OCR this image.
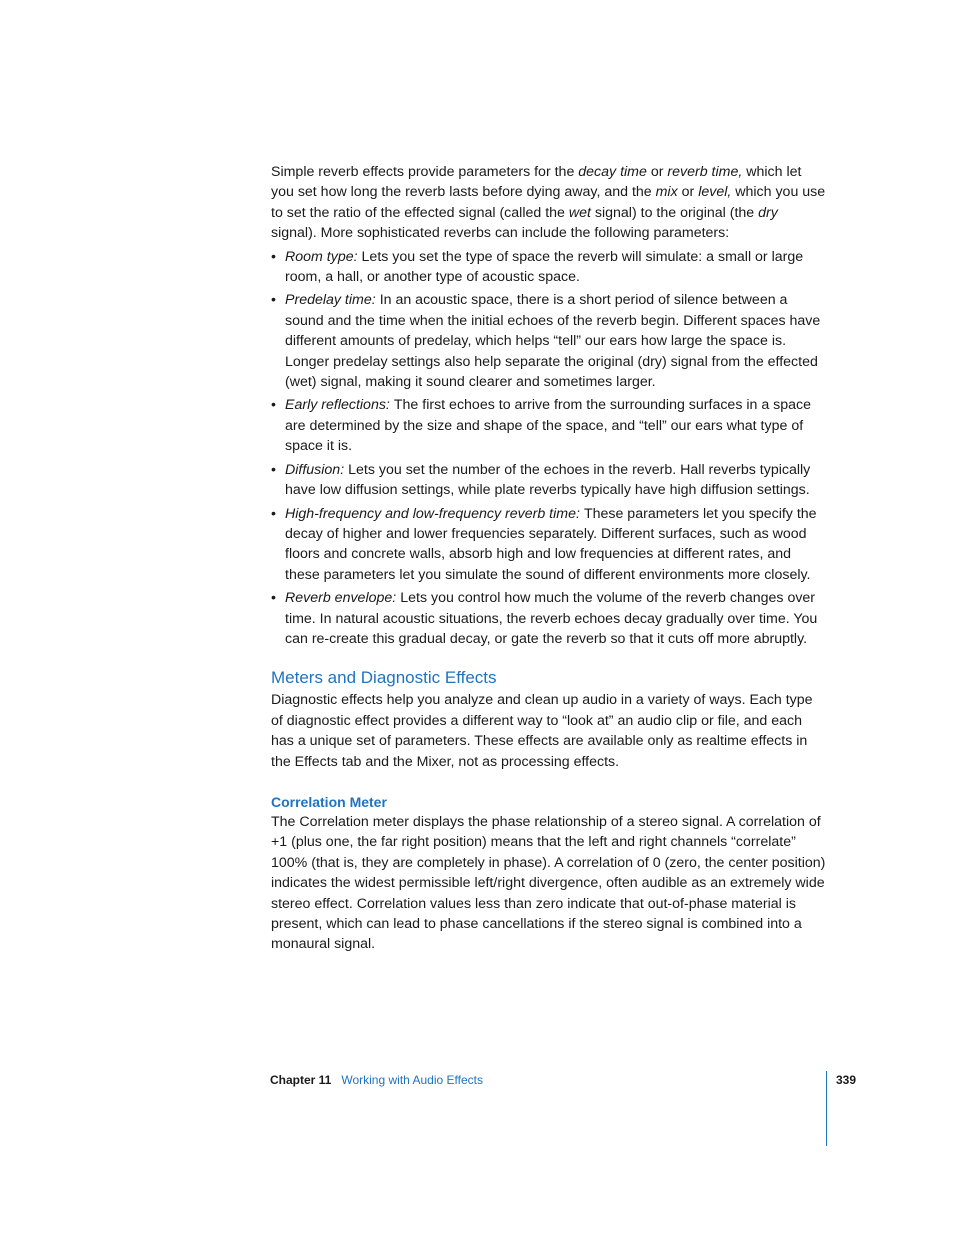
Simple reverb effects provide parameters for the decay time or reverb time, which let you set how long the reverb lasts before dying away, and the mix or level, which you use to set the ratio of the effected signal (called the wet signal) to the original (the dry signal). More sophisticated reverbs can include the following parameters:

• Room type: Lets you set the type of space the reverb will simulate: a small or large room, a hall, or another type of acoustic space.
• Predelay time: In an acoustic space, there is a short period of silence between a sound and the time when the initial echoes of the reverb begin. Different spaces have different amounts of predelay, which helps “tell” our ears how large the space is. Longer predelay settings also help separate the original (dry) signal from the effected (wet) signal, making it sound clearer and sometimes larger.
• Early reflections: The first echoes to arrive from the surrounding surfaces in a space are determined by the size and shape of the space, and “tell” our ears what type of space it is.
• Diffusion: Lets you set the number of the echoes in the reverb. Hall reverbs typically have low diffusion settings, while plate reverbs typically have high diffusion settings.
• High-frequency and low-frequency reverb time: These parameters let you specify the decay of higher and lower frequencies separately. Different surfaces, such as wood floors and concrete walls, absorb high and low frequencies at different rates, and these parameters let you simulate the sound of different environments more closely.
• Reverb envelope: Lets you control how much the volume of the reverb changes over time. In natural acoustic situations, the reverb echoes decay gradually over time. You can re-create this gradual decay, or gate the reverb so that it cuts off more abruptly.
Meters and Diagnostic Effects

Diagnostic effects help you analyze and clean up audio in a variety of ways. Each type of diagnostic effect provides a different way to “look at” an audio clip or file, and each has a unique set of parameters. These effects are available only as realtime effects in the Effects tab and the Mixer, not as processing effects.

Correlation Meter

The Correlation meter displays the phase relationship of a stereo signal. A correlation of +1 (plus one, the far right position) means that the left and right channels “correlate” 100% (that is, they are completely in phase). A correlation of 0 (zero, the center position) indicates the widest permissible left/right divergence, often audible as an extremely wide stereo effect. Correlation values less than zero indicate that out-of-phase material is present, which can lead to phase cancellations if the stereo signal is combined into a monaural signal.

Chapter 11 Working with Audio Effects	339
